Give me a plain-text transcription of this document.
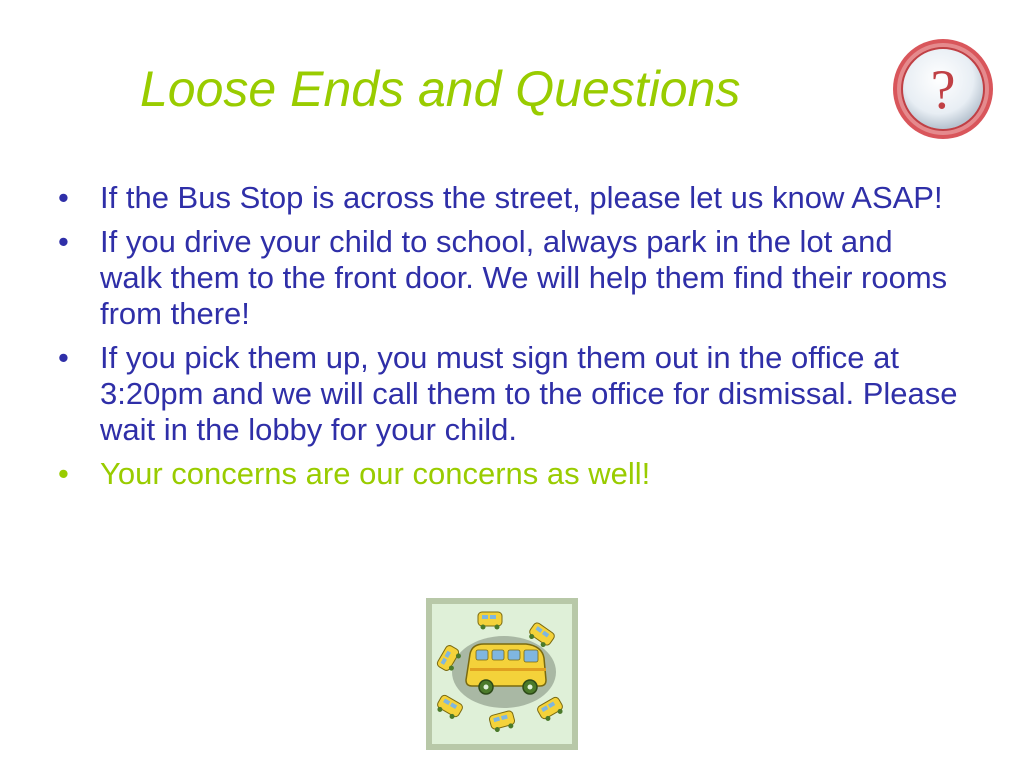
Loose Ends and Questions	?
• If the Bus Stop is across the street, please let us know ASAP!
• If you drive your child to school, always park in the lot and walk them to the front door. We will help them find their rooms from there!
• If you pick them up, you must sign them out in the office at 3:20pm and we will call them to the office for dismissal. Please wait in the lobby for your child.
• Your concerns are our concerns as well!
